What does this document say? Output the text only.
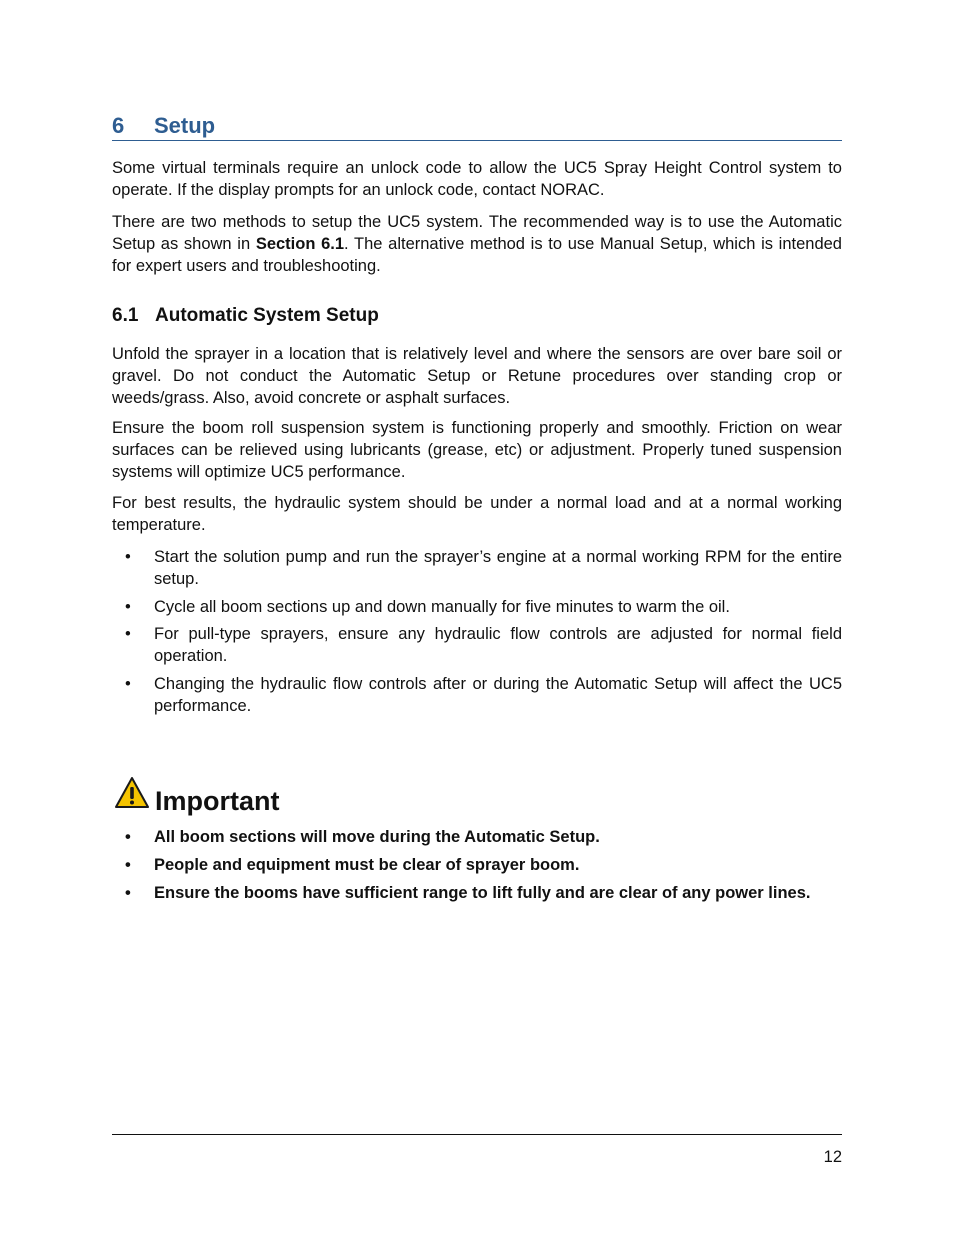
6 Setup

Some virtual terminals require an unlock code to allow the UC5 Spray Height Control system to operate. If the display prompts for an unlock code, contact NORAC.

There are two methods to setup the UC5 system. The recommended way is to use the Automatic Setup as shown in Section 6.1. The alternative method is to use Manual Setup, which is intended for expert users and troubleshooting.

6.1 Automatic System Setup

Unfold the sprayer in a location that is relatively level and where the sensors are over bare soil or gravel. Do not conduct the Automatic Setup or Retune procedures over standing crop or weeds/grass. Also, avoid concrete or asphalt surfaces.

Ensure the boom roll suspension system is functioning properly and smoothly. Friction on wear surfaces can be relieved using lubricants (grease, etc) or adjustment. Properly tuned suspension systems will optimize UC5 performance.

For best results, the hydraulic system should be under a normal load and at a normal working temperature.

• Start the solution pump and run the sprayer’s engine at a normal working RPM for the entire setup.
• Cycle all boom sections up and down manually for five minutes to warm the oil.
• For pull-type sprayers, ensure any hydraulic flow controls are adjusted for normal field operation.
• Changing the hydraulic flow controls after or during the Automatic Setup will affect the UC5 performance.
Important
• All boom sections will move during the Automatic Setup.
• People and equipment must be clear of sprayer boom.
• Ensure the booms have sufficient range to lift fully and are clear of any power lines.
12
